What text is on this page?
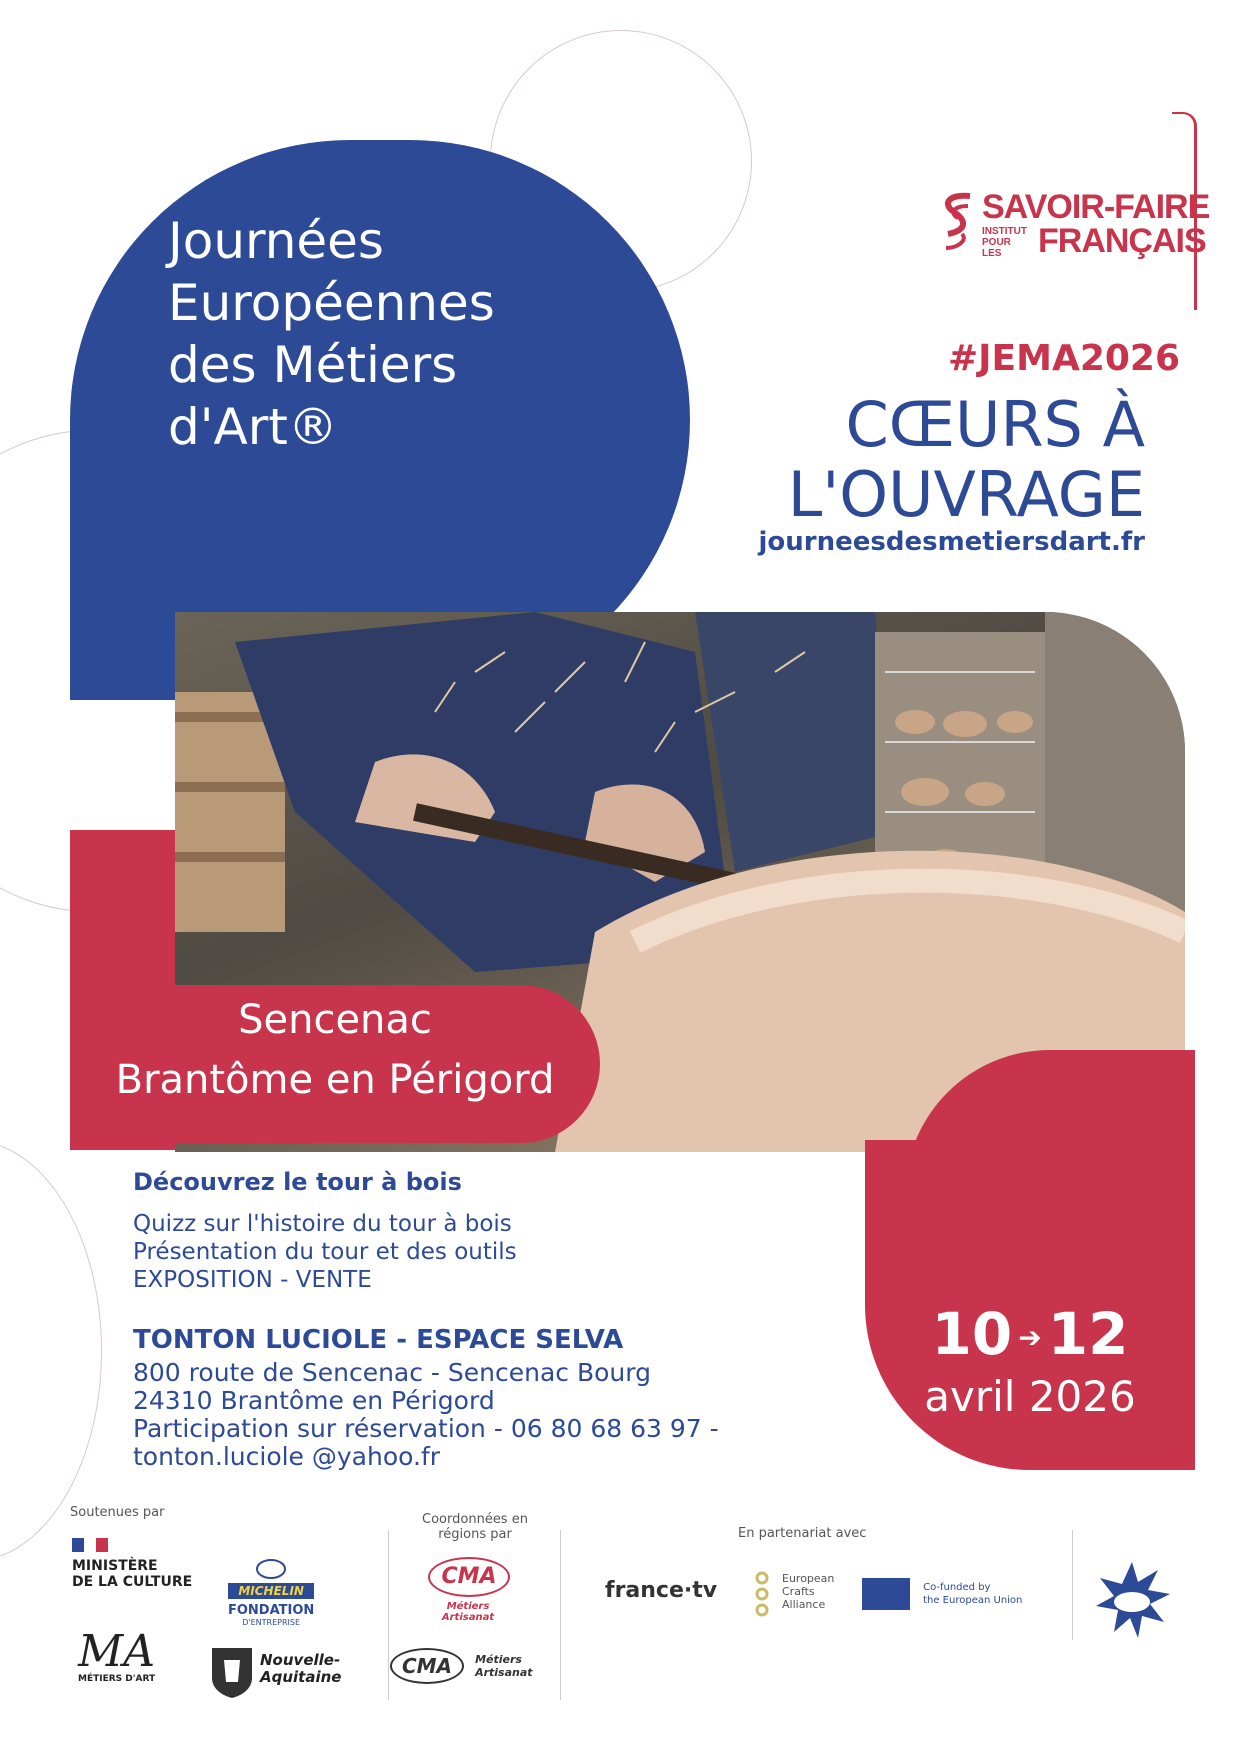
Journées
Européennes
des Métiers
d'Art®
SAVOIR-FAIRE
INSTITUT
POUR LES	FRANÇAIS
#JEMA2026
CŒURS À
L'OUVRAGE
journeesdesmetiersdart.fr
Sencenac
Brantôme en Périgord
10 ➔ 12
avril 2026
Découvrez le tour à bois
Quizz sur l'histoire du tour à bois
Présentation du tour et des outils
EXPOSITION - VENTE
TONTON LUCIOLE - ESPACE SELVA
800 route de Sencenac - Sencenac Bourg
24310 Brantôme en Périgord
Participation sur réservation - 06 80 68 63 97 -
tonton.luciole @yahoo.fr
Soutenues par	Coordonnées en régions par	En partenariat avec
MINISTÈRE
DE LA CULTURE
MICHELIN
FONDATION
D'ENTREPRISE
CMA
Métiers Artisanat
france·tv	European
Crafts
Alliance

Co-funded by
the European Union
MA
MÉTIERS D'ART
Nouvelle-
Aquitaine	CMA Métiers Artisanat
